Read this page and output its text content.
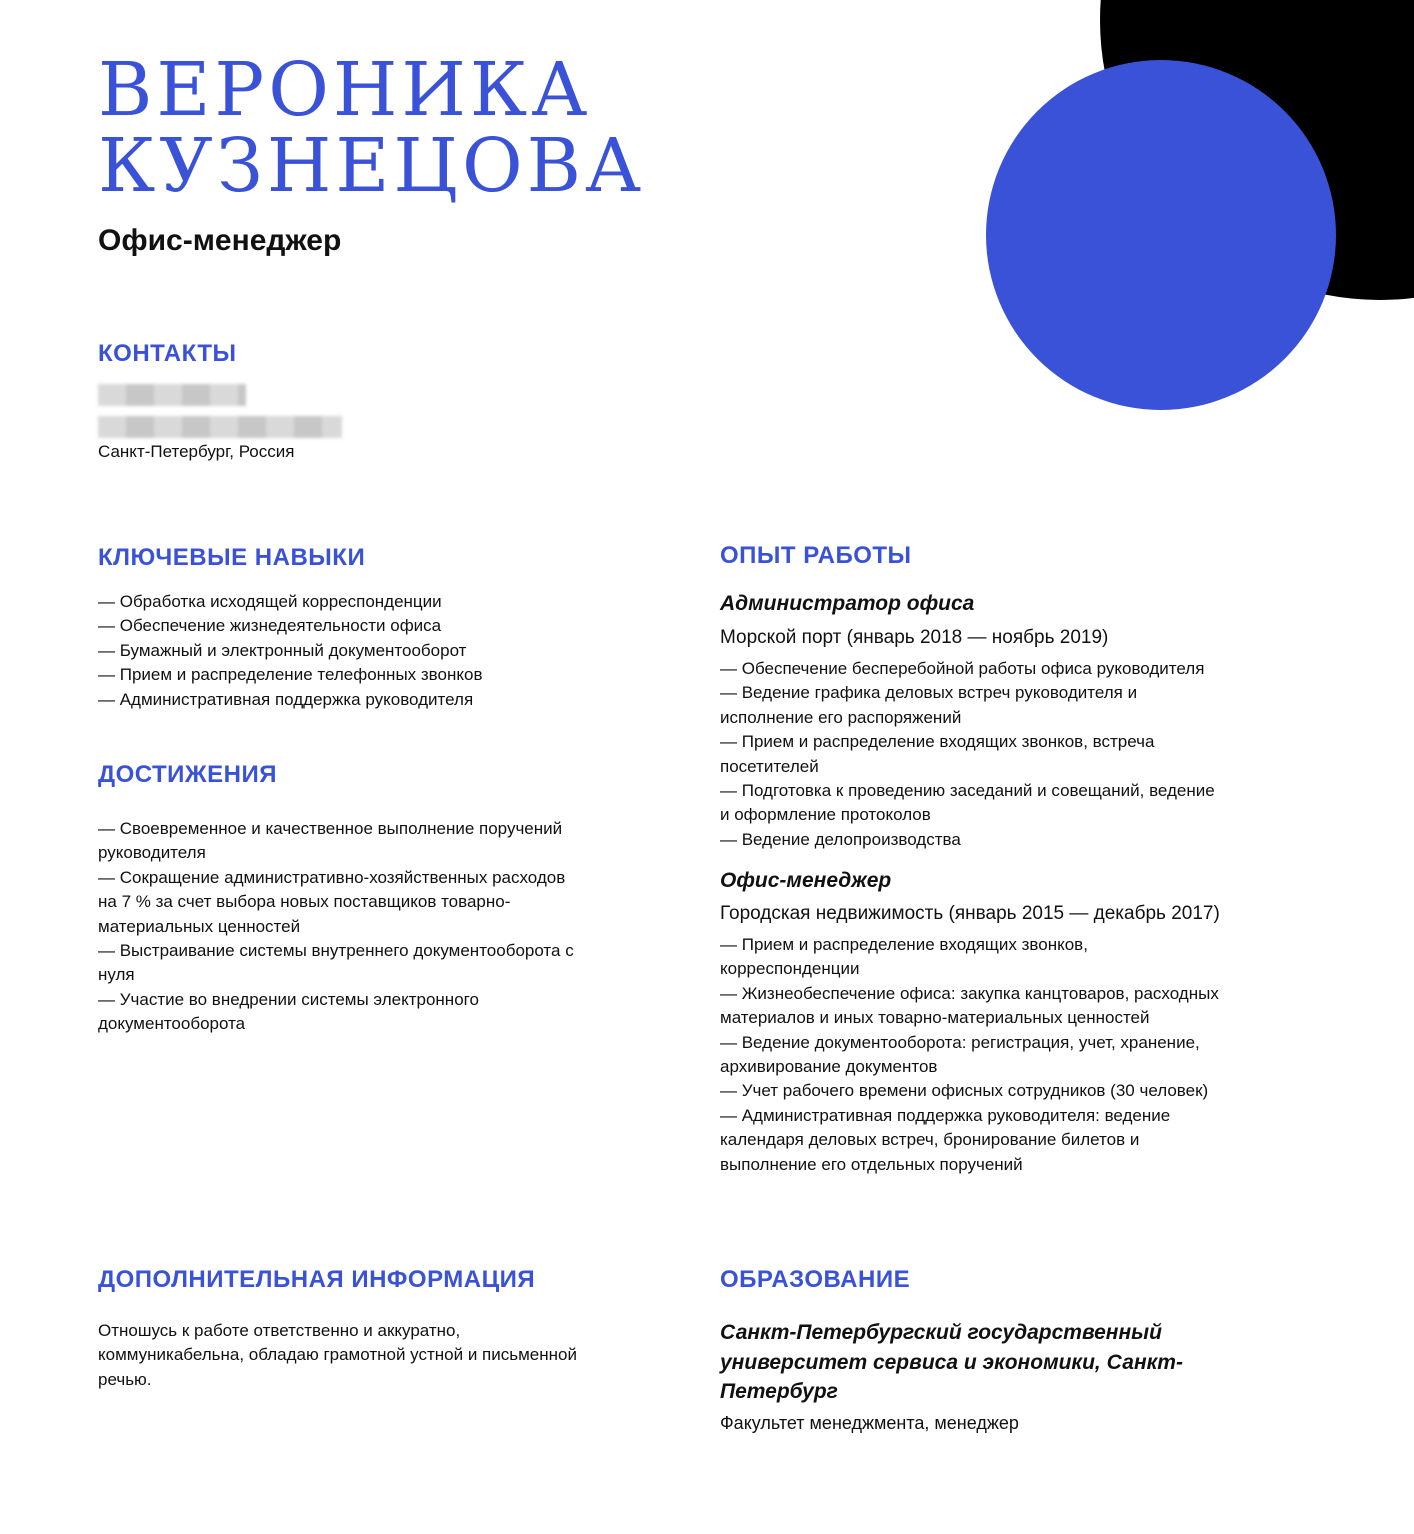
ВЕРОНИКА
КУЗНЕЦОВА
Офис-менеджер
КОНТАКТЫ
Санкт-Петербург, Россия
КЛЮЧЕВЫЕ НАВЫКИ
— Обработка исходящей корреспонденции
— Обеспечение жизнедеятельности офиса
— Бумажный и электронный документооборот
— Прием и распределение телефонных звонков
— Административная поддержка руководителя
ДОСТИЖЕНИЯ
— Своевременное и качественное выполнение поручений
руководителя
— Сокращение административно-хозяйственных расходов
на 7 % за счет выбора новых поставщиков товарно-
материальных ценностей
— Выстраивание системы внутреннего документооборота с
нуля
— Участие во внедрении системы электронного
документооборота
ОПЫТ РАБОТЫ
Администратор офиса
Морской порт (январь 2018 — ноябрь 2019)
— Обеспечение бесперебойной работы офиса руководителя
— Ведение графика деловых встреч руководителя и
исполнение его распоряжений
— Прием и распределение входящих звонков, встреча
посетителей
— Подготовка к проведению заседаний и совещаний, ведение
и оформление протоколов
— Ведение делопроизводства
Офис-менеджер
Городская недвижимость (январь 2015 — декабрь 2017)
— Прием и распределение входящих звонков,
корреспонденции
— Жизнеобеспечение офиса: закупка канцтоваров, расходных
материалов и иных товарно-материальных ценностей
— Ведение документооборота: регистрация, учет, хранение,
архивирование документов
— Учет рабочего времени офисных сотрудников (30 человек)
— Административная поддержка руководителя: ведение
календаря деловых встреч, бронирование билетов и
выполнение его отдельных поручений
ДОПОЛНИТЕЛЬНАЯ ИНФОРМАЦИЯ
Отношусь к работе ответственно и аккуратно,
коммуникабельна, обладаю грамотной устной и письменной
речью.
ОБРАЗОВАНИЕ
Санкт-Петербургский государственный
университет сервиса и экономики, Санкт-
Петербург
Факультет менеджмента, менеджер
